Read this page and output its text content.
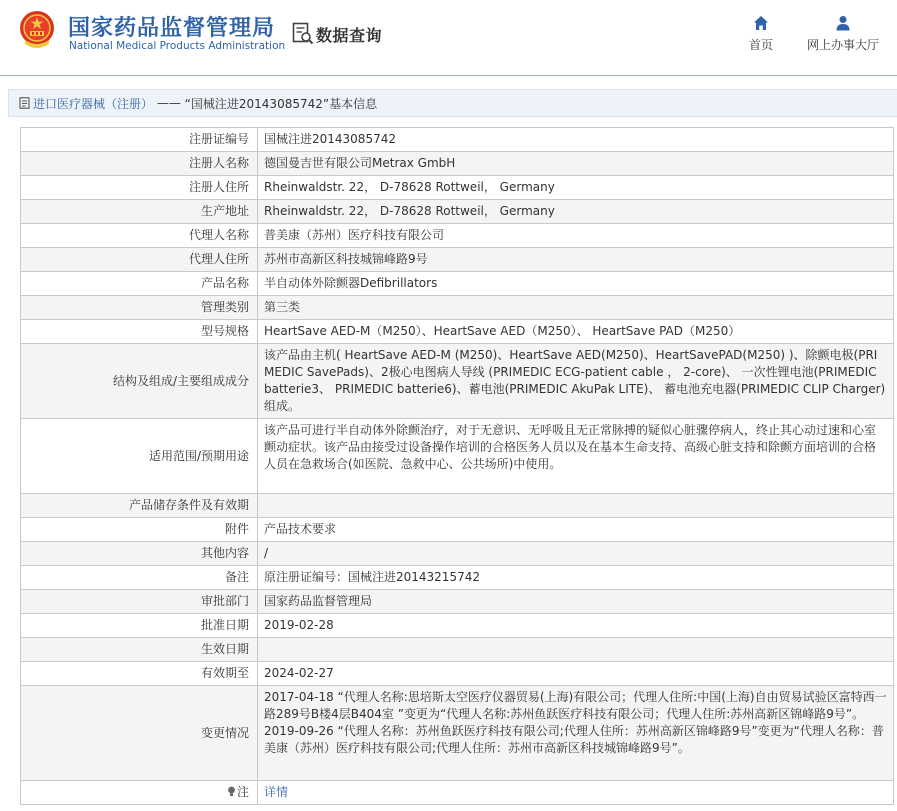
国家药品监督管理局
National Medical Products Administration
数据查询
首页	网上办事大厅
进口医疗器械（注册） —— “国械注进20143085742”基本信息
注册证编号	国械注进20143085742
注册人名称	德国曼吉世有限公司Metrax GmbH
注册人住所	Rheinwaldstr. 22， D-78628 Rottweil， Germany
生产地址	Rheinwaldstr. 22， D-78628 Rottweil， Germany
代理人名称	普美康（苏州）医疗科技有限公司
代理人住所	苏州市高新区科技城锦峰路9号
产品名称	半自动体外除颤器Defibrillators
管理类别	第三类
型号规格	HeartSave AED-M（M250）、HeartSave AED（M250）、 HeartSave PAD（M250）
结构及组成/主要组成成分	该产品由主机( HeartSave AED-M (M250)、HeartSave AED(M250)、HeartSavePAD(M250) )、除颤电极(PRIMEDIC SavePads)、2极心电图病人导线 (PRIMEDIC ECG-patient cable ， 2-core)、 一次性锂电池(PRIMEDIC batterie3、 PRIMEDIC batterie6)、蓄电池(PRIMEDIC AkuPak LITE)、 蓄电池充电器(PRIMEDIC CLIP Charger)组成。
适用范围/预期用途	该产品可进行半自动体外除颤治疗，对于无意识、无呼吸且无正常脉搏的疑似心脏骤停病人，终止其心动过速和心室颤动症状。该产品由接受过设备操作培训的合格医务人员以及在基本生命支持、高级心脏支持和除颤方面培训的合格人员在急救场合(如医院、急救中心、公共场所)中使用。
产品储存条件及有效期	
附件	产品技术要求
其他内容	/
备注	原注册证编号：国械注进20143215742
审批部门	国家药品监督管理局
批准日期	2019-02-28
生效日期	
有效期至	2024-02-27
变更情况	2017-04-18 “代理人名称:思培斯太空医疗仪器贸易(上海)有限公司；代理人住所:中国(上海)自由贸易试验区富特西一路289号B楼4层B404室 ”变更为“代理人名称:苏州鱼跃医疗科技有限公司；代理人住所:苏州高新区锦峰路9号”。
2019-09-26 “代理人名称：苏州鱼跃医疗科技有限公司;代理人住所：苏州高新区锦峰路9号”变更为“代理人名称：普美康（苏州）医疗科技有限公司;代理人住所：苏州市高新区科技城锦峰路9号”。

注	详情
